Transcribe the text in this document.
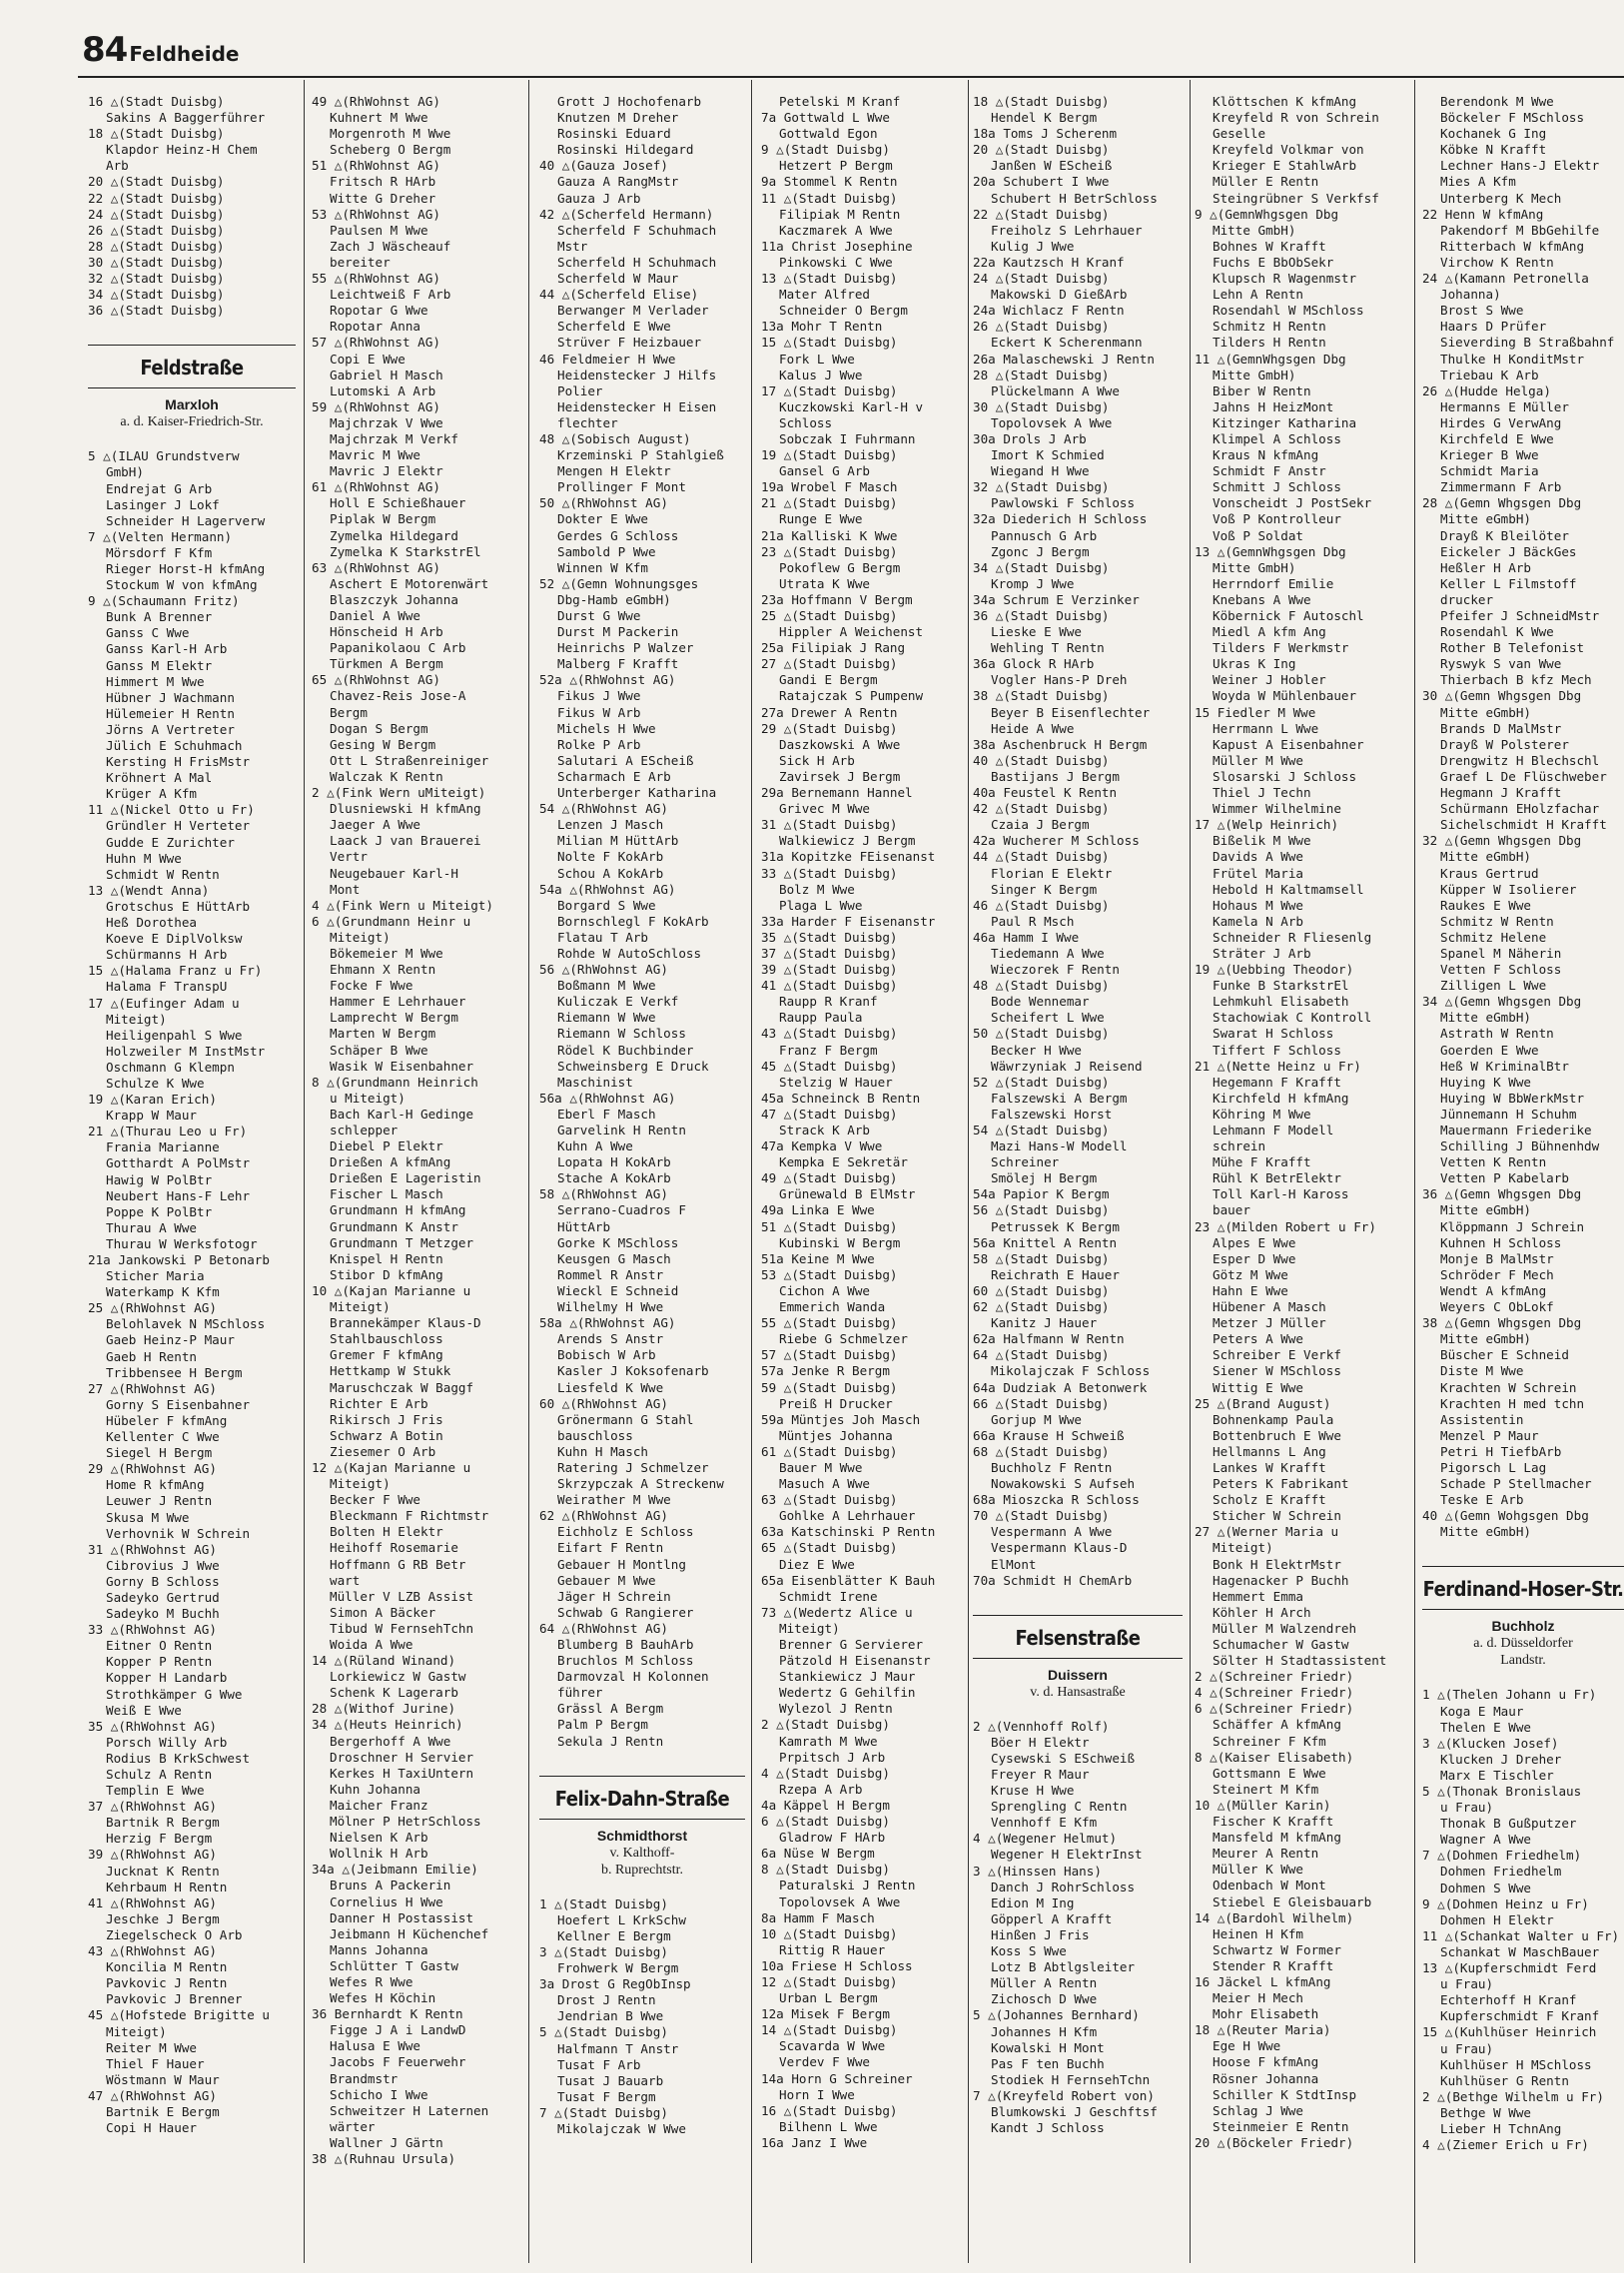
84 Feldheide
16 △(Stadt Duisbg)
Sakins A Baggerführer
18 △(Stadt Duisbg)
Klapdor Heinz-H Chem
Arb
20 △(Stadt Duisbg)
22 △(Stadt Duisbg)
24 △(Stadt Duisbg)
26 △(Stadt Duisbg)
28 △(Stadt Duisbg)
30 △(Stadt Duisbg)
32 △(Stadt Duisbg)
34 △(Stadt Duisbg)
36 △(Stadt Duisbg)
Feldstraße
Marxloh
a. d. Kaiser-Friedrich-Str.
5 △(ILAU Grundstverw
GmbH)
Endrejat G Arb
Lasinger J Lokf
Schneider H Lagerverw
7 △(Velten Hermann)
Mörsdorf F Kfm
Rieger Horst-H kfmAng
Stockum W von kfmAng
9 △(Schaumann Fritz)
Bunk A Brenner
Ganss C Wwe
Ganss Karl-H Arb
Ganss M Elektr
Himmert M Wwe
Hübner J Wachmann
Hülemeier H Rentn
Jörns A Vertreter
Jülich E Schuhmach
Kersting H FrisMstr
Kröhnert A Mal
Krüger A Kfm
11 △(Nickel Otto u Fr)
Gründler H Verteter
Gudde E Zurichter
Huhn M Wwe
Schmidt W Rentn
13 △(Wendt Anna)
Grotschus E HüttArb
Heß Dorothea
Koeve E DiplVolksw
Schürmanns H Arb
15 △(Halama Franz u Fr)
Halama F TranspU
17 △(Eufinger Adam u
Miteigt)
Heiligenpahl S Wwe
Holzweiler M InstMstr
Oschmann G Klempn
Schulze K Wwe
19 △(Karan Erich)
Krapp W Maur
21 △(Thurau Leo u Fr)
Frania Marianne
Gotthardt A PolMstr
Hawig W PolBtr
Neubert Hans-F Lehr
Poppe K PolBtr
Thurau A Wwe
Thurau W Werksfotogr
21a Jankowski P Betonarb
Sticher Maria
Waterkamp K Kfm
25 △(RhWohnst AG)
Belohlavek N MSchloss
Gaeb Heinz-P Maur
Gaeb H Rentn
Tribbensee H Bergm
27 △(RhWohnst AG)
Gorny S Eisenbahner
Hübeler F kfmAng
Kellenter C Wwe
Siegel H Bergm
29 △(RhWohnst AG)
Home R kfmAng
Leuwer J Rentn
Skusa M Wwe
Verhovnik W Schrein
31 △(RhWohnst AG)
Cibrovius J Wwe
Gorny B Schloss
Sadeyko Gertrud
Sadeyko M Buchh
33 △(RhWohnst AG)
Eitner O Rentn
Kopper P Rentn
Kopper H Landarb
Strothkämper G Wwe
Weiß E Wwe
35 △(RhWohnst AG)
Porsch Willy Arb
Rodius B KrkSchwest
Schulz A Rentn
Templin E Wwe
37 △(RhWohnst AG)
Bartnik R Bergm
Herzig F Bergm
39 △(RhWohnst AG)
Jucknat K Rentn
Kehrbaum H Rentn
41 △(RhWohnst AG)
Jeschke J Bergm
Ziegelscheck O Arb
43 △(RhWohnst AG)
Koncilia M Rentn
Pavkovic J Rentn
Pavkovic J Brenner
45 △(Hofstede Brigitte u
Miteigt)
Reiter M Wwe
Thiel F Hauer
Wöstmann W Maur
47 △(RhWohnst AG)
Bartnik E Bergm
Copi H Hauer
49 △(RhWohnst AG)
Kuhnert M Wwe
Morgenroth M Wwe
Scheberg O Bergm
51 △(RhWohnst AG)
Fritsch R HArb
Witte G Dreher
53 △(RhWohnst AG)
Paulsen M Wwe
Zach J Wäscheauf
bereiter
55 △(RhWohnst AG)
Leichtweiß F Arb
Ropotar G Wwe
Ropotar Anna
57 △(RhWohnst AG)
Copi E Wwe
Gabriel H Masch
Lutomski A Arb
59 △(RhWohnst AG)
Majchrzak V Wwe
Majchrzak M Verkf
Mavric M Wwe
Mavric J Elektr
61 △(RhWohnst AG)
Holl E Schießhauer
Piplak W Bergm
Zymelka Hildegard
Zymelka K StarkstrEl
63 △(RhWohnst AG)
Aschert E Motorenwärt
Blaszczyk Johanna
Daniel A Wwe
Hönscheid H Arb
Papanikolaou C Arb
Türkmen A Bergm
65 △(RhWohnst AG)
Chavez-Reis Jose-A
Bergm
Dogan S Bergm
Gesing W Bergm
Ott L Straßenreiniger
Walczak K Rentn
2 △(Fink Wern uMiteigt)
Dlusniewski H kfmAng
Jaeger A Wwe
Laack J van Brauerei
Vertr
Neugebauer Karl-H
Mont
4 △(Fink Wern u Miteigt)
6 △(Grundmann Heinr u
Miteigt)
Bökemeier M Wwe
Ehmann X Rentn
Focke F Wwe
Hammer E Lehrhauer
Lamprecht W Bergm
Marten W Bergm
Schäper B Wwe
Wasik W Eisenbahner
8 △(Grundmann Heinrich
u Miteigt)
Bach Karl-H Gedinge
schlepper
Diebel P Elektr
Drießen A kfmAng
Drießen E Lageristin
Fischer L Masch
Grundmann H kfmAng
Grundmann K Anstr
Grundmann T Metzger
Knispel H Rentn
Stibor D kfmAng
10 △(Kajan Marianne u
Miteigt)
Brannekämper Klaus-D
Stahlbauschloss
Gremer F kfmAng
Hettkamp W Stukk
Maruschczak W Baggf
Richter E Arb
Rikirsch J Fris
Schwarz A Botin
Ziesemer O Arb
12 △(Kajan Marianne u
Miteigt)
Becker F Wwe
Bleckmann F Richtmstr
Bolten H Elektr
Heihoff Rosemarie
Hoffmann G RB Betr
wart
Müller V LZB Assist
Simon A Bäcker
Tibud W FernsehTchn
Woida A Wwe
14 △(Rüland Winand)
Lorkiewicz W Gastw
Schenk K Lagerarb
28 △(Withof Jurine)
34 △(Heuts Heinrich)
Bergerhoff A Wwe
Droschner H Servier
Kerkes H TaxiUntern
Kuhn Johanna
Maicher Franz
Mölner P HetrSchloss
Nielsen K Arb
Wollnik H Arb
34a △(Jeibmann Emilie)
Bruns A Packerin
Cornelius H Wwe
Danner H Postassist
Jeibmann H Küchenchef
Manns Johanna
Schlütter T Gastw
Wefes R Wwe
Wefes H Köchin
36 Bernhardt K Rentn
Figge J A i LandwD
Halusa E Wwe
Jacobs F Feuerwehr
Brandmstr
Schicho I Wwe
Schweitzer H Laternen
wärter
Wallner J Gärtn
38 △(Ruhnau Ursula)
Grott J Hochofenarb
Knutzen M Dreher
Rosinski Eduard
Rosinski Hildegard
40 △(Gauza Josef)
Gauza A RangMstr
Gauza J Arb
42 △(Scherfeld Hermann)
Scherfeld F Schuhmach
Mstr
Scherfeld H Schuhmach
Scherfeld W Maur
44 △(Scherfeld Elise)
Berwanger M Verlader
Scherfeld E Wwe
Strüver F Heizbauer
46 Feldmeier H Wwe
Heidenstecker J Hilfs
Polier
Heidenstecker H Eisen
flechter
48 △(Sobisch August)
Krzeminski P Stahlgieß
Mengen H Elektr
Prollinger F Mont
50 △(RhWohnst AG)
Dokter E Wwe
Gerdes G Schloss
Sambold P Wwe
Winnen W Kfm
52 △(Gemn Wohnungsges
Dbg-Hamb eGmbH)
Durst G Wwe
Durst M Packerin
Heinrichs P Walzer
Malberg F Krafft
52a △(RhWohnst AG)
Fikus J Wwe
Fikus W Arb
Michels H Wwe
Rolke P Arb
Salutari A EScheiß
Scharmach E Arb
Unterberger Katharina
54 △(RhWohnst AG)
Lenzen J Masch
Milian M HüttArb
Nolte F KokArb
Schou A KokArb
54a △(RhWohnst AG)
Borgard S Wwe
Bornschlegl F KokArb
Flatau T Arb
Rohde W AutoSchloss
56 △(RhWohnst AG)
Boßmann M Wwe
Kuliczak E Verkf
Riemann W Wwe
Riemann W Schloss
Rödel K Buchbinder
Schweinsberg E Druck
Maschinist
56a △(RhWohnst AG)
Eberl F Masch
Garvelink H Rentn
Kuhn A Wwe
Lopata H KokArb
Stache A KokArb
58 △(RhWohnst AG)
Serrano-Cuadros F
HüttArb
Gorke K MSchloss
Keusgen G Masch
Rommel R Anstr
Wieckl E Schneid
Wilhelmy H Wwe
58a △(RhWohnst AG)
Arends S Anstr
Bobisch W Arb
Kasler J Koksofenarb
Liesfeld K Wwe
60 △(RhWohnst AG)
Grönermann G Stahl
bauschloss
Kuhn H Masch
Ratering J Schmelzer
Skrzypczak A Streckenw
Weirather M Wwe
62 △(RhWohnst AG)
Eichholz E Schloss
Eifart F Rentn
Gebauer H Montlng
Gebauer M Wwe
Jäger H Schrein
Schwab G Rangierer
64 △(RhWohnst AG)
Blumberg B BauhArb
Bruchlos M Schloss
Darmovzal H Kolonnen
führer
Grässl A Bergm
Palm P Bergm
Sekula J Rentn
Felix-Dahn-Straße
Schmidthorst
v. Kalthoff-
b. Ruprechtstr.
1 △(Stadt Duisbg)
Hoefert L KrkSchw
Kellner E Bergm
3 △(Stadt Duisbg)
Frohwerk W Bergm
3a Drost G RegObInsp
Drost J Rentn
Jendrian B Wwe
5 △(Stadt Duisbg)
Halfmann T Anstr
Tusat F Arb
Tusat J Bauarb
Tusat F Bergm
7 △(Stadt Duisbg)
Mikolajczak W Wwe
Petelski M Kranf
7a Gottwald L Wwe
Gottwald Egon
9 △(Stadt Duisbg)
Hetzert P Bergm
9a Stommel K Rentn
11 △(Stadt Duisbg)
Filipiak M Rentn
Kaczmarek A Wwe
11a Christ Josephine
Pinkowski C Wwe
13 △(Stadt Duisbg)
Mater Alfred
Schneider O Bergm
13a Mohr T Rentn
15 △(Stadt Duisbg)
Fork L Wwe
Kalus J Wwe
17 △(Stadt Duisbg)
Kuczkowski Karl-H v
Schloss
Sobczak I Fuhrmann
19 △(Stadt Duisbg)
Gansel G Arb
19a Wrobel F Masch
21 △(Stadt Duisbg)
Runge E Wwe
21a Kalliski K Wwe
23 △(Stadt Duisbg)
Pokoflew G Bergm
Utrata K Wwe
23a Hoffmann V Bergm
25 △(Stadt Duisbg)
Hippler A Weichenst
25a Filipiak J Rang
27 △(Stadt Duisbg)
Gandi E Bergm
Ratajczak S Pumpenw
27a Drewer A Rentn
29 △(Stadt Duisbg)
Daszkowski A Wwe
Sick H Arb
Zavirsek J Bergm
29a Bernemann Hannel
Grivec M Wwe
31 △(Stadt Duisbg)
Walkiewicz J Bergm
31a Kopitzke FEisenanst
33 △(Stadt Duisbg)
Bolz M Wwe
Plaga L Wwe
33a Harder F Eisenanstr
35 △(Stadt Duisbg)
37 △(Stadt Duisbg)
39 △(Stadt Duisbg)
41 △(Stadt Duisbg)
Raupp R Kranf
Raupp Paula
43 △(Stadt Duisbg)
Franz F Bergm
45 △(Stadt Duisbg)
Stelzig W Hauer
45a Schneinck B Rentn
47 △(Stadt Duisbg)
Strack K Arb
47a Kempka V Wwe
Kempka E Sekretär
49 △(Stadt Duisbg)
Grünewald B ElMstr
49a Linka E Wwe
51 △(Stadt Duisbg)
Kubinski W Bergm
51a Keine M Wwe
53 △(Stadt Duisbg)
Cichon A Wwe
Emmerich Wanda
55 △(Stadt Duisbg)
Riebe G Schmelzer
57 △(Stadt Duisbg)
57a Jenke R Bergm
59 △(Stadt Duisbg)
Preiß H Drucker
59a Müntjes Joh Masch
Müntjes Johanna
61 △(Stadt Duisbg)
Bauer M Wwe
Masuch A Wwe
63 △(Stadt Duisbg)
Gohlke A Lehrhauer
63a Katschinski P Rentn
65 △(Stadt Duisbg)
Diez E Wwe
65a Eisenblätter K Bauh
Schmidt Irene
73 △(Wedertz Alice u
Miteigt)
Brenner G Servierer
Pätzold H Eisenanstr
Stankiewicz J Maur
Wedertz G Gehilfin
Wylezol J Rentn
2 △(Stadt Duisbg)
Kamrath M Wwe
Prpitsch J Arb
4 △(Stadt Duisbg)
Rzepa A Arb
4a Käppel H Bergm
6 △(Stadt Duisbg)
Gladrow F HArb
6a Nüse W Bergm
8 △(Stadt Duisbg)
Paturalski J Rentn
Topolovsek A Wwe
8a Hamm F Masch
10 △(Stadt Duisbg)
Rittig R Hauer
10a Friese H Schloss
12 △(Stadt Duisbg)
Urban L Bergm
12a Misek F Bergm
14 △(Stadt Duisbg)
Scavarda W Wwe
Verdev F Wwe
14a Horn G Schreiner
Horn I Wwe
16 △(Stadt Duisbg)
Bilhenn L Wwe
16a Janz I Wwe
18 △(Stadt Duisbg)
Hendel K Bergm
18a Toms J Scherenm
20 △(Stadt Duisbg)
Janßen W EScheiß
20a Schubert I Wwe
Schubert H BetrSchloss
22 △(Stadt Duisbg)
Freiholz S Lehrhauer
Kulig J Wwe
22a Kautzsch H Kranf
24 △(Stadt Duisbg)
Makowski D GießArb
24a Wichlacz F Rentn
26 △(Stadt Duisbg)
Eckert K Scherenmann
26a Malaschewski J Rentn
28 △(Stadt Duisbg)
Plückelmann A Wwe
30 △(Stadt Duisbg)
Topolovsek A Wwe
30a Drols J Arb
Imort K Schmied
Wiegand H Wwe
32 △(Stadt Duisbg)
Pawlowski F Schloss
32a Diederich H Schloss
Pannusch G Arb
Zgonc J Bergm
34 △(Stadt Duisbg)
Kromp J Wwe
34a Schrum E Verzinker
36 △(Stadt Duisbg)
Lieske E Wwe
Wehling T Rentn
36a Glock R HArb
Vogler Hans-P Dreh
38 △(Stadt Duisbg)
Beyer B Eisenflechter
Heide A Wwe
38a Aschenbruck H Bergm
40 △(Stadt Duisbg)
Bastijans J Bergm
40a Feustel K Rentn
42 △(Stadt Duisbg)
Czaia J Bergm
42a Wucherer M Schloss
44 △(Stadt Duisbg)
Florian E Elektr
Singer K Bergm
46 △(Stadt Duisbg)
Paul R Msch
46a Hamm I Wwe
Tiedemann A Wwe
Wieczorek F Rentn
48 △(Stadt Duisbg)
Bode Wennemar
Scheifert L Wwe
50 △(Stadt Duisbg)
Becker H Wwe
Wäwrzyniak J Reisend
52 △(Stadt Duisbg)
Falszewski A Bergm
Falszewski Horst
54 △(Stadt Duisbg)
Mazi Hans-W Modell
Schreiner
Smölej H Bergm
54a Papior K Bergm
56 △(Stadt Duisbg)
Petrussek K Bergm
56a Knittel A Rentn
58 △(Stadt Duisbg)
Reichrath E Hauer
60 △(Stadt Duisbg)
62 △(Stadt Duisbg)
Kanitz J Hauer
62a Halfmann W Rentn
64 △(Stadt Duisbg)
Mikolajczak F Schloss
64a Dudziak A Betonwerk
66 △(Stadt Duisbg)
Gorjup M Wwe
66a Krause H Schweiß
68 △(Stadt Duisbg)
Buchholz F Rentn
Nowakowski S Aufseh
68a Mioszcka R Schloss
70 △(Stadt Duisbg)
Vespermann A Wwe
Vespermann Klaus-D
ElMont
70a Schmidt H ChemArb
Felsenstraße
Duissern
v. d. Hansastraße
2 △(Vennhoff Rolf)
Böer H Elektr
Cysewski S ESchweiß
Freyer R Maur
Kruse H Wwe
Sprengling C Rentn
Vennhoff E Kfm
4 △(Wegener Helmut)
Wegener H ElektrInst
3 △(Hinssen Hans)
Danch J RohrSchloss
Edion M Ing
Göpperl A Krafft
Hinßen J Fris
Koss S Wwe
Lotz B Abtlgsleiter
Müller A Rentn
Zichosch D Wwe
5 △(Johannes Bernhard)
Johannes H Kfm
Kowalski H Mont
Pas F ten Buchh
Stodiek H FernsehTchn
7 △(Kreyfeld Robert von)
Blumkowski J Geschftsf
Kandt J Schloss
Klöttschen K kfmAng
Kreyfeld R von Schrein
Geselle
Kreyfeld Volkmar von
Krieger E StahlwArb
Müller E Rentn
Steingrübner S Verkfsf
9 △(GemnWhgsgen Dbg
Mitte GmbH)
Bohnes W Krafft
Fuchs E BbObSekr
Klupsch R Wagenmstr
Lehn A Rentn
Rosendahl W MSchloss
Schmitz H Rentn
Tilders H Rentn
11 △(GemnWhgsgen Dbg
Mitte GmbH)
Biber W Rentn
Jahns H HeizMont
Kitzinger Katharina
Klimpel A Schloss
Kraus N kfmAng
Schmidt F Anstr
Schmitt J Schloss
Vonscheidt J PostSekr
Voß P Kontrolleur
Voß P Soldat
13 △(GemnWhgsgen Dbg
Mitte GmbH)
Herrndorf Emilie
Knebans A Wwe
Köbernick F Autoschl
Miedl A kfm Ang
Tilders F Werkmstr
Ukras K Ing
Weiner J Hobler
Woyda W Mühlenbauer
15 Fiedler M Wwe
Herrmann L Wwe
Kapust A Eisenbahner
Müller M Wwe
Slosarski J Schloss
Thiel J Techn
Wimmer Wilhelmine
17 △(Welp Heinrich)
Bißelik M Wwe
Davids A Wwe
Frütel Maria
Hebold H Kaltmamsell
Hohaus M Wwe
Kamela N Arb
Schneider R Fliesenlg
Sträter J Arb
19 △(Uebbing Theodor)
Funke B StarkstrEl
Lehmkuhl Elisabeth
Stachowiak C Kontroll
Swarat H Schloss
Tiffert F Schloss
21 △(Nette Heinz u Fr)
Hegemann F Krafft
Kirchfeld H kfmAng
Köhring M Wwe
Lehmann F Modell
schrein
Mühe F Krafft
Rühl K BetrElektr
Toll Karl-H Kaross
bauer
23 △(Milden Robert u Fr)
Alpes E Wwe
Esper D Wwe
Götz M Wwe
Hahn E Wwe
Hübener A Masch
Metzer J Müller
Peters A Wwe
Schreiber E Verkf
Siener W MSchloss
Wittig E Wwe
25 △(Brand August)
Bohnenkamp Paula
Bottenbruch E Wwe
Hellmanns L Ang
Lankes W Krafft
Peters K Fabrikant
Scholz E Krafft
Sticher W Schrein
27 △(Werner Maria u
Miteigt)
Bonk H ElektrMstr
Hagenacker P Buchh
Hemmert Emma
Köhler H Arch
Müller M Walzendreh
Schumacher W Gastw
Sölter H Stadtassistent
2 △(Schreiner Friedr)
4 △(Schreiner Friedr)
6 △(Schreiner Friedr)
Schäffer A kfmAng
Schreiner F Kfm
8 △(Kaiser Elisabeth)
Gottsmann E Wwe
Steinert M Kfm
10 △(Müller Karin)
Fischer K Krafft
Mansfeld M kfmAng
Meurer A Rentn
Müller K Wwe
Odenbach W Mont
Stiebel E Gleisbauarb
14 △(Bardohl Wilhelm)
Heinen H Kfm
Schwartz W Former
Stender R Krafft
16 Jäckel L kfmAng
Meier H Mech
Mohr Elisabeth
18 △(Reuter Maria)
Ege H Wwe
Hoose F kfmAng
Rösner Johanna
Schiller K StdtInsp
Schlag J Wwe
Steinmeier E Rentn
20 △(Böckeler Friedr)
Berendonk M Wwe
Böckeler F MSchloss
Kochanek G Ing
Köbke N Krafft
Lechner Hans-J Elektr
Mies A Kfm
Unterberg K Mech
22 Henn W kfmAng
Pakendorf M BbGehilfe
Ritterbach W kfmAng
Virchow K Rentn
24 △(Kamann Petronella
Johanna)
Brost S Wwe
Haars D Prüfer
Sieverding B Straßbahnf
Thulke H KonditMstr
Triebau K Arb
26 △(Hudde Helga)
Hermanns E Müller
Hirdes G VerwAng
Kirchfeld E Wwe
Krieger B Wwe
Schmidt Maria
Zimmermann F Arb
28 △(Gemn Whgsgen Dbg
Mitte eGmbH)
Drayß K Bleilöter
Eickeler J BäckGes
Heßler H Arb
Keller L Filmstoff
drucker
Pfeifer J SchneidMstr
Rosendahl K Wwe
Rother B Telefonist
Ryswyk S van Wwe
Thierbach B kfz Mech
30 △(Gemn Whgsgen Dbg
Mitte eGmbH)
Brands D MalMstr
Drayß W Polsterer
Drengwitz H Blechschl
Graef L De Flüschweber
Hegmann J Krafft
Schürmann EHolzfachar
Sichelschmidt H Krafft
32 △(Gemn Whgsgen Dbg
Mitte eGmbH)
Kraus Gertrud
Küpper W Isolierer
Raukes E Wwe
Schmitz W Rentn
Schmitz Helene
Spanel M Näherin
Vetten F Schloss
Zilligen L Wwe
34 △(Gemn Whgsgen Dbg
Mitte eGmbH)
Astrath W Rentn
Goerden E Wwe
Heß W KriminalBtr
Huying K Wwe
Huying W BbWerkMstr
Jünnemann H Schuhm
Mauermann Friederike
Schilling J Bühnenhdw
Vetten K Rentn
Vetten P Kabelarb
36 △(Gemn Whgsgen Dbg
Mitte eGmbH)
Klöppmann J Schrein
Kuhnen H Schloss
Monje B MalMstr
Schröder F Mech
Wendt A kfmAng
Weyers C ObLokf
38 △(Gemn Whgsgen Dbg
Mitte eGmbH)
Büscher E Schneid
Diste M Wwe
Krachten W Schrein
Krachten H med tchn
Assistentin
Menzel P Maur
Petri H TiefbArb
Pigorsch L Lag
Schade P Stellmacher
Teske E Arb
40 △(Gemn Wohgsgen Dbg
Mitte eGmbH)
Ferdinand-Hoser-Str.
Buchholz
a. d. Düsseldorfer
Landstr.
1 △(Thelen Johann u Fr)
Koga E Maur
Thelen E Wwe
3 △(Klucken Josef)
Klucken J Dreher
Marx E Tischler
5 △(Thonak Bronislaus
u Frau)
Thonak B Gußputzer
Wagner A Wwe
7 △(Dohmen Friedhelm)
Dohmen Friedhelm
Dohmen S Wwe
9 △(Dohmen Heinz u Fr)
Dohmen H Elektr
11 △(Schankat Walter u Fr)
Schankat W MaschBauer
13 △(Kupferschmidt Ferd
u Frau)
Echterhoff H Kranf
Kupferschmidt F Kranf
15 △(Kuhlhüser Heinrich
u Frau)
Kuhlhüser H MSchloss
Kuhlhüser G Rentn
2 △(Bethge Wilhelm u Fr)
Bethge W Wwe
Lieber H TchnAng
4 △(Ziemer Erich u Fr)
